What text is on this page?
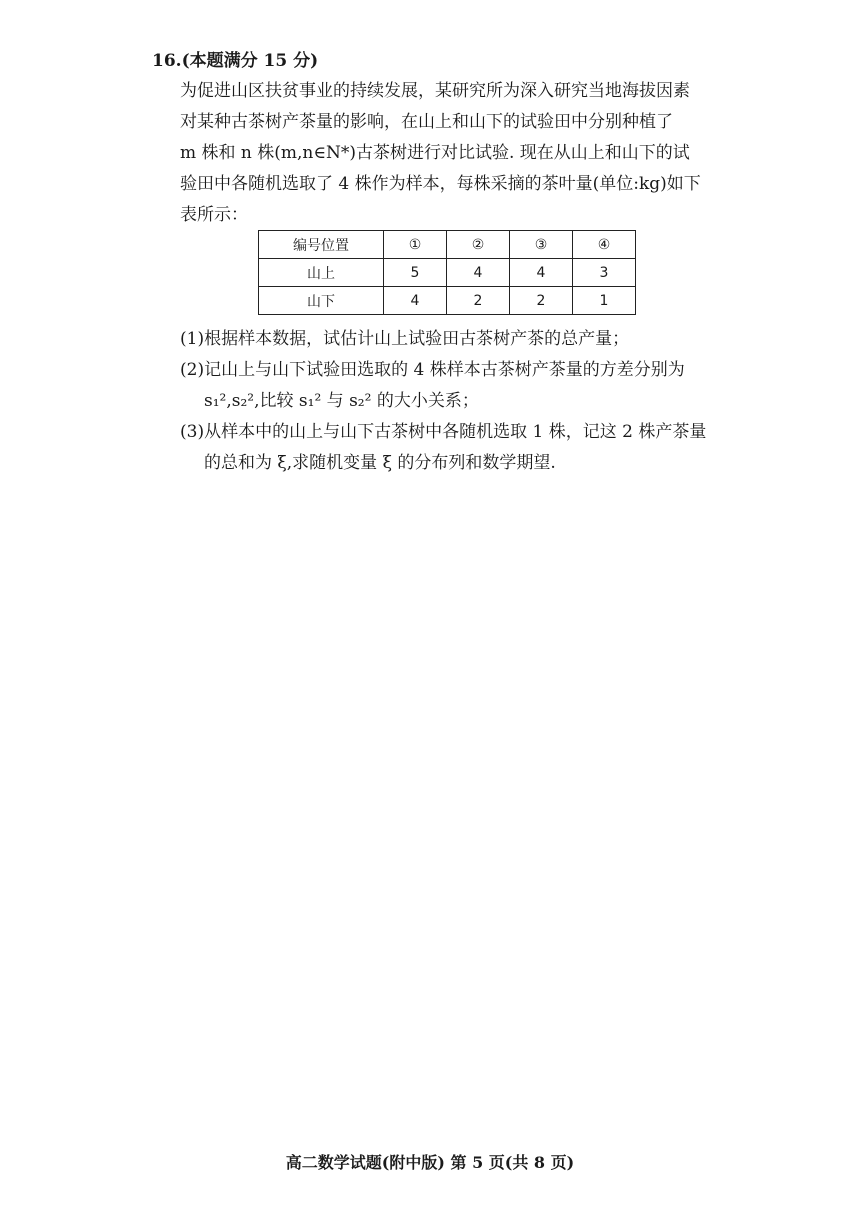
16.(本题满分 15 分)

为促进山区扶贫事业的持续发展，某研究所为深入研究当地海拔因素
对某种古茶树产茶量的影响，在山上和山下的试验田中分别种植了
m 株和 n 株(m,n∈N*)古茶树进行对比试验. 现在从山上和山下的试
验田中各随机选取了 4 株作为样本，每株采摘的茶叶量(单位:kg)如下
表所示：

编号位置	①	②	③	④
山上	5	4	4	3
山下	4	2	2	1
(1)根据样本数据，试估计山上试验田古茶树产茶的总产量；
(2)记山上与山下试验田选取的 4 株样本古茶树产茶量的方差分别为
s₁²,s₂²,比较 s₁² 与 s₂² 的大小关系；
(3)从样本中的山上与山下古茶树中各随机选取 1 株，记这 2 株产茶量
的总和为 ξ,求随机变量 ξ 的分布列和数学期望.
高二数学试题(附中版) 第 5 页(共 8 页)
